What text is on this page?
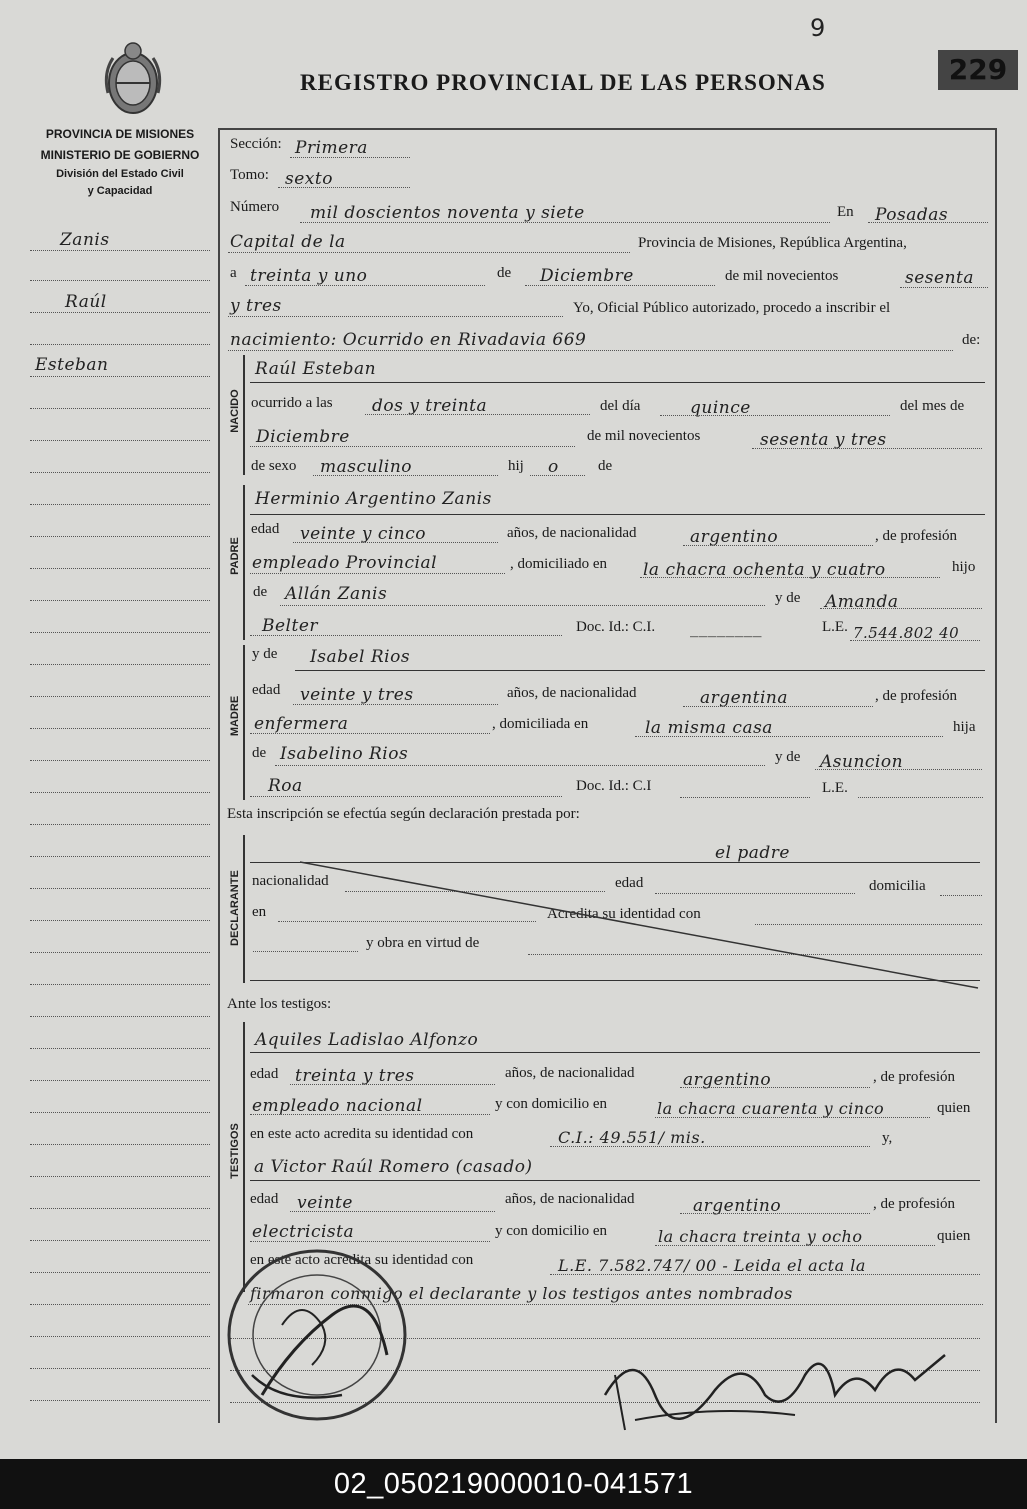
PROVINCIA DE MISIONES
MINISTERIO DE GOBIERNO
División del Estado Civil
y Capacidad
REGISTRO PROVINCIAL DE LAS PERSONAS
9
229
Zanis
Raúl
Esteban
Sección: Primera
Tomo: sexto
Número mil doscientos noventa y siete	En Posadas
Capital de la	Provincia de Misiones, República Argentina,
a treinta y uno	de Diciembre	de mil novecientos	sesenta
y tres	Yo, Oficial Público autorizado, procedo a inscribir el
nacimiento: Ocurrido en Rivadavia 669	de:
NACIDO
Raúl Esteban
ocurrido a las dos y treinta	del día	quince	del mes de
Diciembre	de mil novecientos	sesenta y tres
de sexo masculino	hij o	de
PADRE
Herminio Argentino Zanis
edad veinte y cinco	años, de nacionalidad	argentino	, de profesión
empleado Provincial	, domiciliado en la chacra ochenta y cuatro	hijo
de Allán Zanis	y de Amanda
Belter	Doc. Id.: C.I. ________	L.E. 7.544.802 40
MADRE
y de Isabel Rios
edad veinte y tres	años, de nacionalidad	argentina	, de profesión
enfermera	, domiciliada en	la misma casa	hija
de Isabelino Rios	y de Asuncion
Roa	Doc. Id.: C.I	L.E.
Esta inscripción se efectúa según declaración prestada por:
DECLARANTE
el padre
nacionalidad	edad	domicilia
en	Acredita su identidad con
y obra en virtud de
Ante los testigos:
TESTIGOS
Aquiles Ladislao Alfonzo
edad treinta y tres	años, de nacionalidad	argentino	, de profesión
empleado nacional	y con domicilio en	la chacra cuarenta y cinco	quien
en este acto acredita su identidad con	C.I.: 49.551/ mis.	y,
a Victor Raúl Romero (casado)
edad veinte	años, de nacionalidad	argentino	, de profesión
electricista	y con domicilio en	la chacra treinta y ocho	quien
en este acto acredita su identidad con	L.E. 7.582.747/ 00 - Leida el acta la
firmaron conmigo el declarante y los testigos antes nombrados
02_050219000010-041571
